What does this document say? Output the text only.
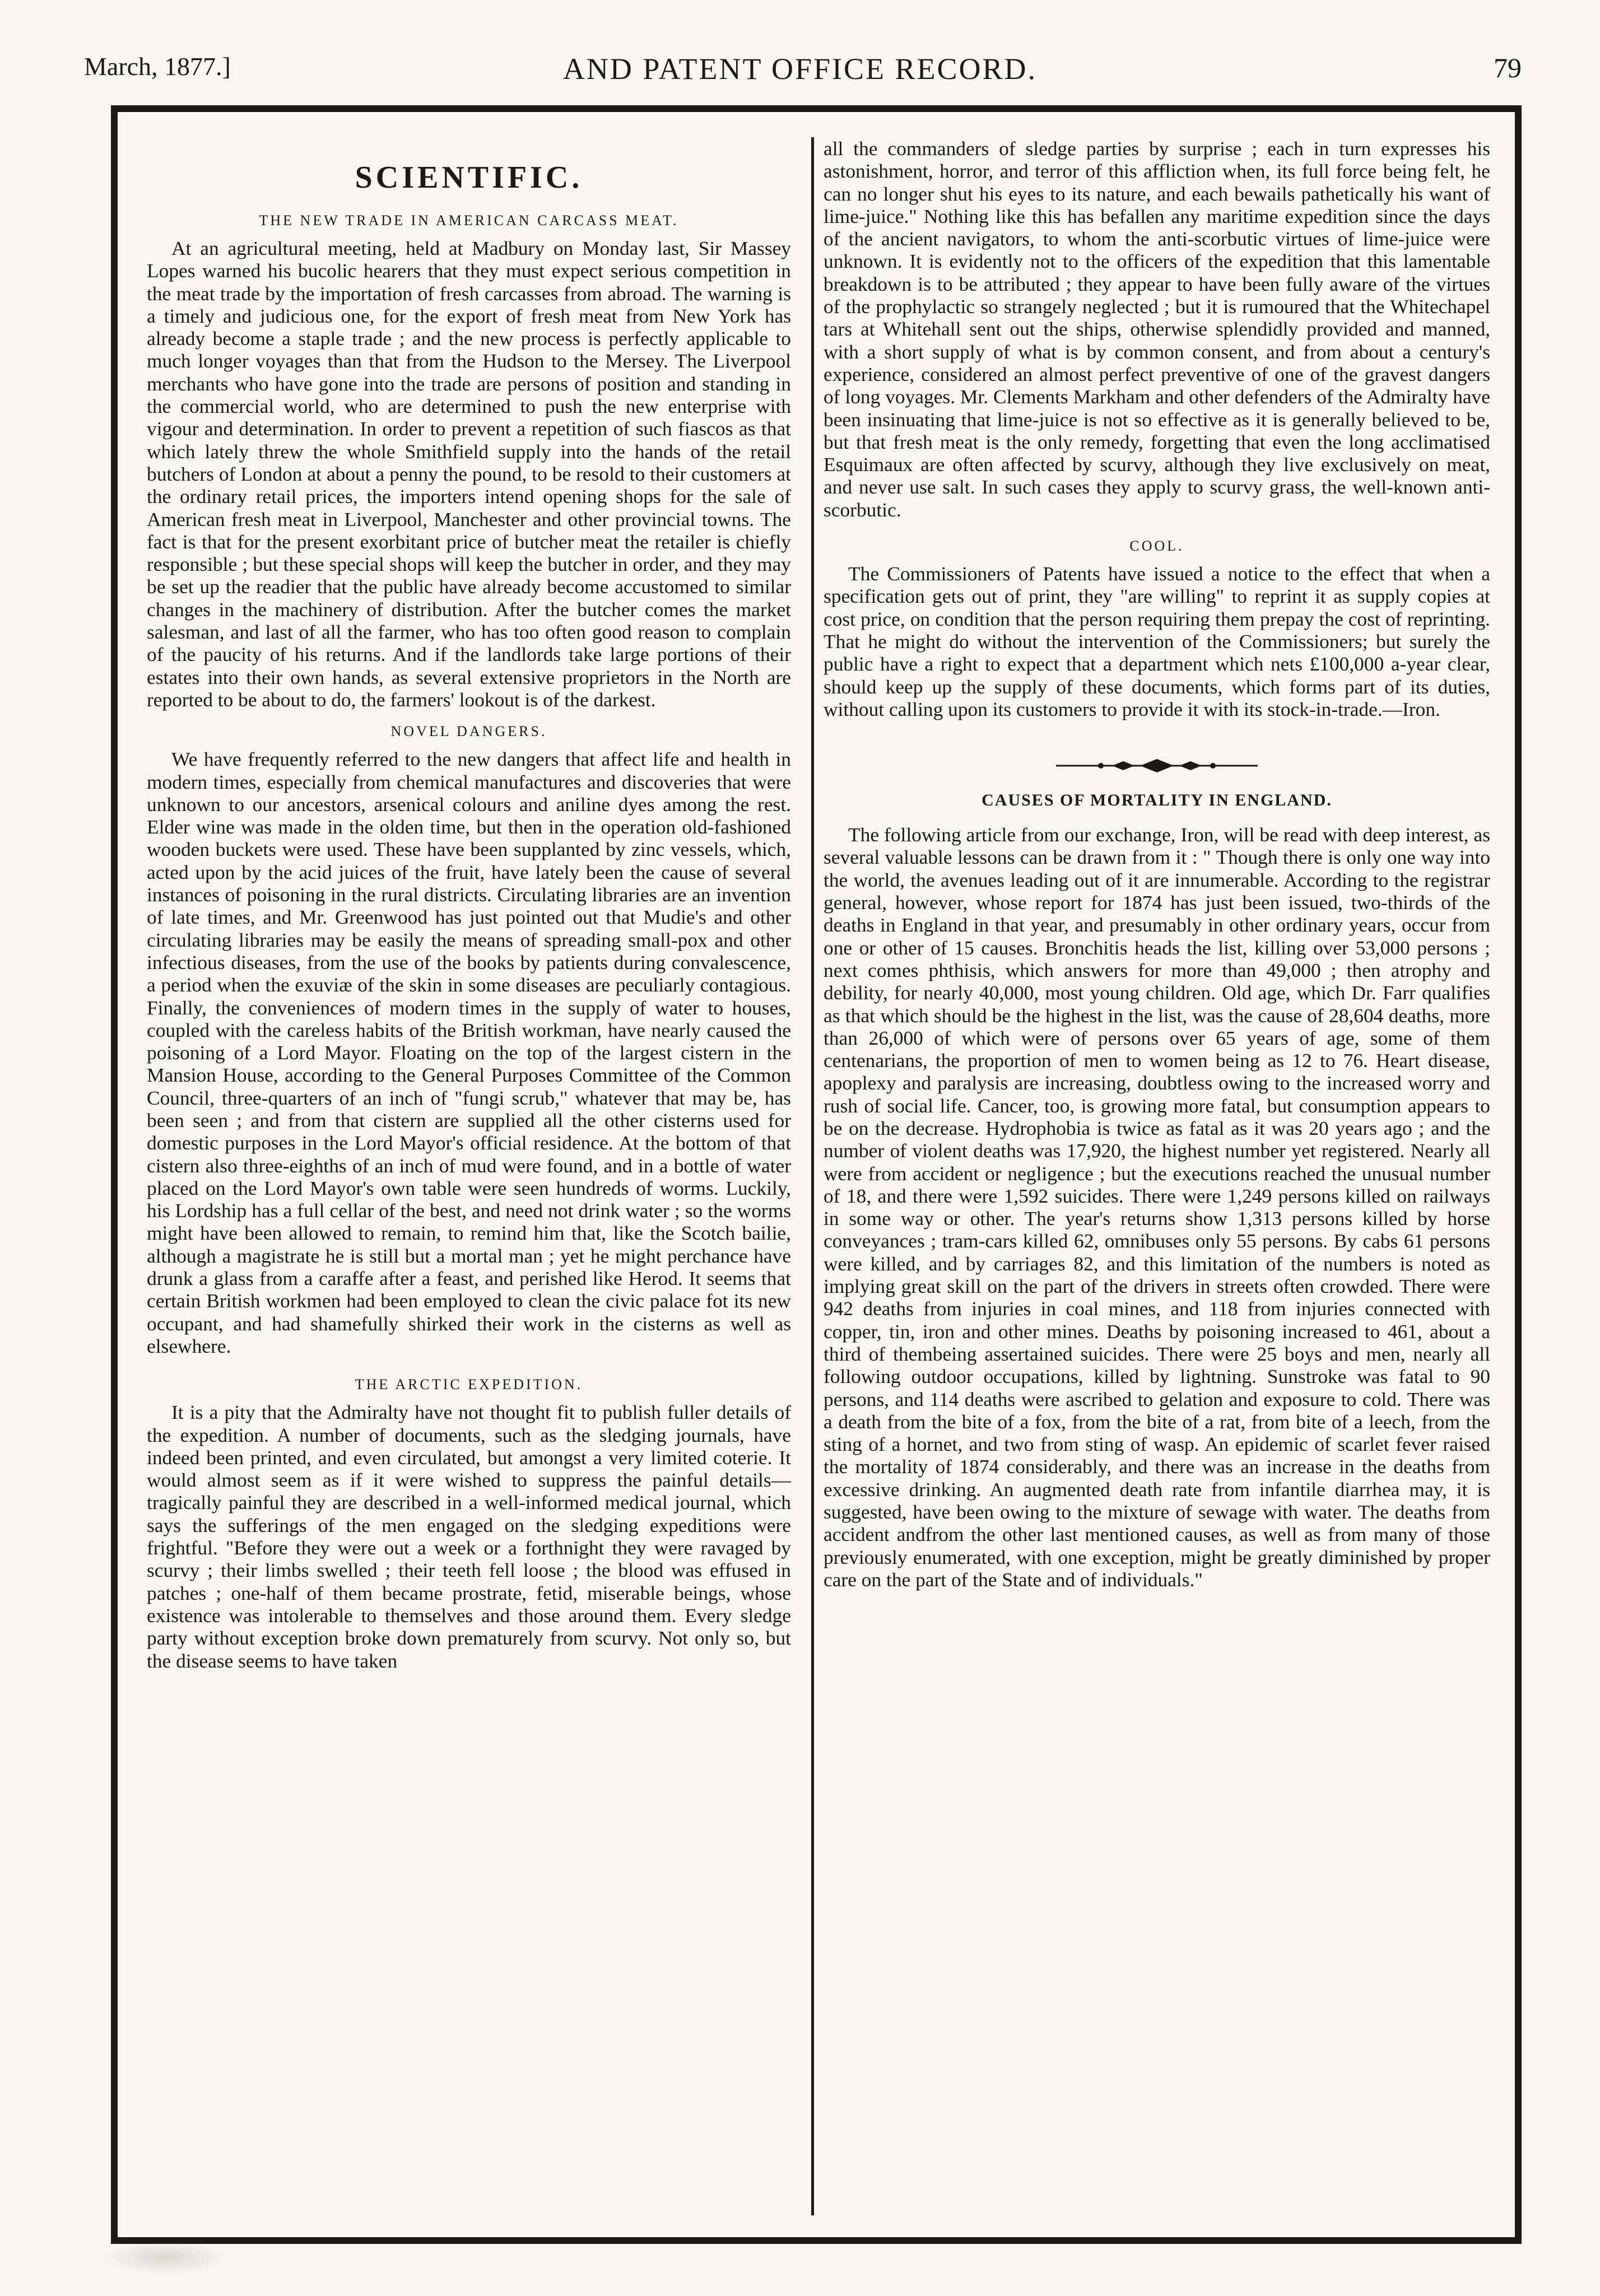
March, 1877.]	AND PATENT OFFICE RECORD.	79
SCIENTIFIC.
THE NEW TRADE IN AMERICAN CARCASS MEAT.

At an agricultural meeting, held at Madbury on Monday last, Sir Massey Lopes warned his bucolic hearers that they must expect serious competition in the meat trade by the importation of fresh carcasses from abroad. The warning is a timely and judicious one, for the export of fresh meat from New York has already become a staple trade ; and the new process is perfectly applicable to much longer voyages than that from the Hudson to the Mersey. The Liverpool merchants who have gone into the trade are persons of position and standing in the commercial world, who are determined to push the new enterprise with vigour and determination. In order to prevent a repetition of such fiascos as that which lately threw the whole Smithfield supply into the hands of the retail butchers of London at about a penny the pound, to be resold to their customers at the ordinary retail prices, the importers intend opening shops for the sale of American fresh meat in Liverpool, Manchester and other provincial towns. The fact is that for the present exorbitant price of butcher meat the retailer is chiefly responsible ; but these special shops will keep the butcher in order, and they may be set up the readier that the public have already become accustomed to similar changes in the machinery of distribution. After the butcher comes the market salesman, and last of all the farmer, who has too often good reason to complain of the paucity of his returns. And if the landlords take large portions of their estates into their own hands, as several extensive proprietors in the North are reported to be about to do, the farmers' lookout is of the darkest.

NOVEL DANGERS.

We have frequently referred to the new dangers that affect life and health in modern times, especially from chemical manufactures and discoveries that were unknown to our ancestors, arsenical colours and aniline dyes among the rest. Elder wine was made in the olden time, but then in the operation old-fashioned wooden buckets were used. These have been supplanted by zinc vessels, which, acted upon by the acid juices of the fruit, have lately been the cause of several instances of poisoning in the rural districts. Circulating libraries are an invention of late times, and Mr. Greenwood has just pointed out that Mudie's and other circulating libraries may be easily the means of spreading small-pox and other infectious diseases, from the use of the books by patients during convalescence, a period when the exuviæ of the skin in some diseases are peculiarly contagious. Finally, the conveniences of modern times in the supply of water to houses, coupled with the careless habits of the British workman, have nearly caused the poisoning of a Lord Mayor. Floating on the top of the largest cistern in the Mansion House, according to the General Purposes Committee of the Common Council, three-quarters of an inch of "fungi scrub," whatever that may be, has been seen ; and from that cistern are supplied all the other cisterns used for domestic purposes in the Lord Mayor's official residence. At the bottom of that cistern also three-eighths of an inch of mud were found, and in a bottle of water placed on the Lord Mayor's own table were seen hundreds of worms. Luckily, his Lordship has a full cellar of the best, and need not drink water ; so the worms might have been allowed to remain, to remind him that, like the Scotch bailie, although a magistrate he is still but a mortal man ; yet he might perchance have drunk a glass from a caraffe after a feast, and perished like Herod. It seems that certain British workmen had been employed to clean the civic palace fot its new occupant, and had shamefully shirked their work in the cisterns as well as elsewhere.

THE ARCTIC EXPEDITION.

It is a pity that the Admiralty have not thought fit to publish fuller details of the expedition. A number of documents, such as the sledging journals, have indeed been printed, and even circulated, but amongst a very limited coterie. It would almost seem as if it were wished to suppress the painful details—tragically painful they are described in a well-informed medical journal, which says the sufferings of the men engaged on the sledging expeditions were frightful. "Before they were out a week or a forthnight they were ravaged by scurvy ; their limbs swelled ; their teeth fell loose ; the blood was effused in patches ; one-half of them became prostrate, fetid, miserable beings, whose existence was intolerable to themselves and those around them. Every sledge party without exception broke down prematurely from scurvy. Not only so, but the disease seems to have taken

all the commanders of sledge parties by surprise ; each in turn expresses his astonishment, horror, and terror of this affliction when, its full force being felt, he can no longer shut his eyes to its nature, and each bewails pathetically his want of lime-juice." Nothing like this has befallen any maritime expedition since the days of the ancient navigators, to whom the anti-scorbutic virtues of lime-juice were unknown. It is evidently not to the officers of the expedition that this lamentable breakdown is to be attributed ; they appear to have been fully aware of the virtues of the prophylactic so strangely neglected ; but it is rumoured that the Whitechapel tars at Whitehall sent out the ships, otherwise splendidly provided and manned, with a short supply of what is by common consent, and from about a century's experience, considered an almost perfect preventive of one of the gravest dangers of long voyages. Mr. Clements Markham and other defenders of the Admiralty have been insinuating that lime-juice is not so effective as it is generally believed to be, but that fresh meat is the only remedy, forgetting that even the long acclimatised Esquimaux are often affected by scurvy, although they live exclusively on meat, and never use salt. In such cases they apply to scurvy grass, the well-known anti-scorbutic.

COOL.

The Commissioners of Patents have issued a notice to the effect that when a specification gets out of print, they "are willing" to reprint it as supply copies at cost price, on condition that the person requiring them prepay the cost of reprinting. That he might do without the intervention of the Commissioners; but surely the public have a right to expect that a department which nets £100,000 a-year clear, should keep up the supply of these documents, which forms part of its duties, without calling upon its customers to provide it with its stock-in-trade.—Iron.

CAUSES OF MORTALITY IN ENGLAND.

The following article from our exchange, Iron, will be read with deep interest, as several valuable lessons can be drawn from it : " Though there is only one way into the world, the avenues leading out of it are innumerable. According to the registrar general, however, whose report for 1874 has just been issued, two-thirds of the deaths in England in that year, and presumably in other ordinary years, occur from one or other of 15 causes. Bronchitis heads the list, killing over 53,000 persons ; next comes phthisis, which answers for more than 49,000 ; then atrophy and debility, for nearly 40,000, most young children. Old age, which Dr. Farr qualifies as that which should be the highest in the list, was the cause of 28,604 deaths, more than 26,000 of which were of persons over 65 years of age, some of them centenarians, the proportion of men to women being as 12 to 76. Heart disease, apoplexy and paralysis are increasing, doubtless owing to the increased worry and rush of social life. Cancer, too, is growing more fatal, but consumption appears to be on the decrease. Hydrophobia is twice as fatal as it was 20 years ago ; and the number of violent deaths was 17,920, the highest number yet registered. Nearly all were from accident or negligence ; but the executions reached the unusual number of 18, and there were 1,592 suicides. There were 1,249 persons killed on railways in some way or other. The year's returns show 1,313 persons killed by horse conveyances ; tram-cars killed 62, omnibuses only 55 persons. By cabs 61 persons were killed, and by carriages 82, and this limitation of the numbers is noted as implying great skill on the part of the drivers in streets often crowded. There were 942 deaths from injuries in coal mines, and 118 from injuries connected with copper, tin, iron and other mines. Deaths by poisoning increased to 461, about a third of thembeing assertained suicides. There were 25 boys and men, nearly all following outdoor occupations, killed by lightning. Sunstroke was fatal to 90 persons, and 114 deaths were ascribed to gelation and exposure to cold. There was a death from the bite of a fox, from the bite of a rat, from bite of a leech, from the sting of a hornet, and two from sting of wasp. An epidemic of scarlet fever raised the mortality of 1874 considerably, and there was an increase in the deaths from excessive drinking. An augmented death rate from infantile diarrhea may, it is suggested, have been owing to the mixture of sewage with water. The deaths from accident andfrom the other last mentioned causes, as well as from many of those previously enumerated, with one exception, might be greatly diminished by proper care on the part of the State and of individuals."
